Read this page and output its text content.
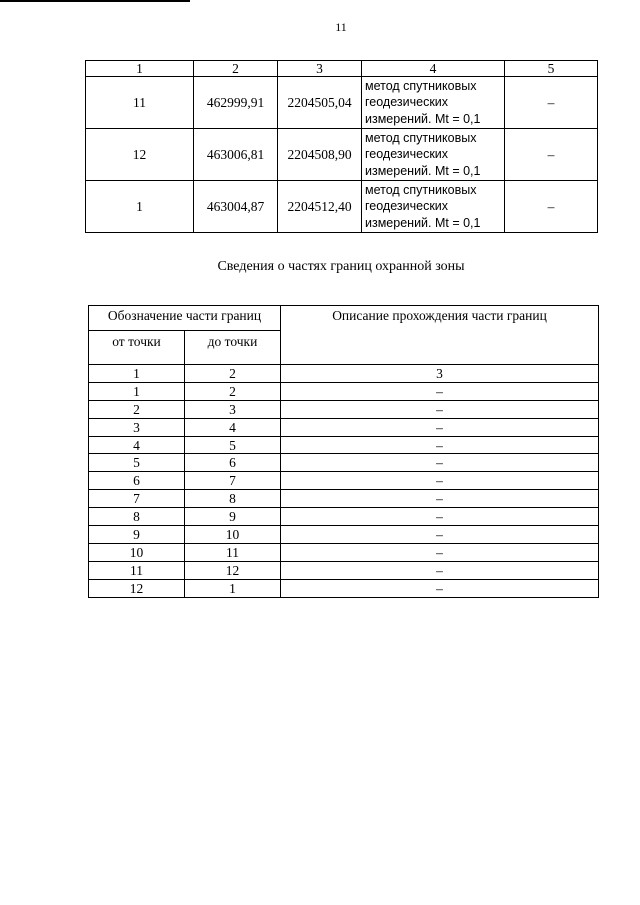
11
1	2	3	4	5
11	462999,91	2204505,04	метод спутниковых
геодезических
измерений. Mt = 0,1	–
12	463006,81	2204508,90	метод спутниковых
геодезических
измерений. Mt = 0,1	–
1	463004,87	2204512,40	метод спутниковых
геодезических
измерений. Mt = 0,1	–
Сведения о частях границ охранной зоны
Обозначение части границ		Описание прохождения части границ
от точки	до точки	
1	2	3
1	2	–
2	3	–
3	4	–
4	5	–
5	6	–
6	7	–
7	8	–
8	9	–
9	10	–
10	11	–
11	12	–
12	1	–
